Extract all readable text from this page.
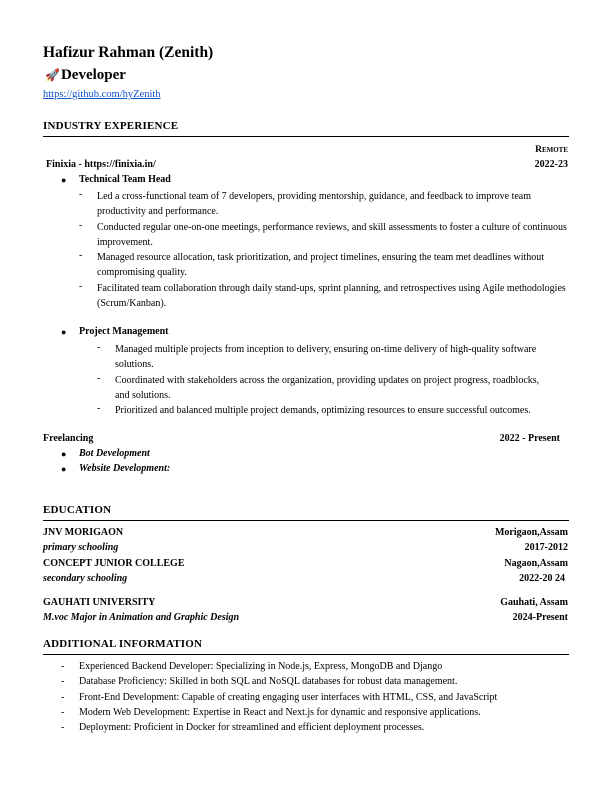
Hafizur Rahman (Zenith)
🚀Developer
https://github.com/hyZenith
INDUSTRY EXPERIENCE
Remote
Finixia - https://finixia.in/	2022-23
● Technical Team Head
- Led a cross-functional team of 7 developers, providing mentorship, guidance, and feedback to improve team productivity and performance.
- Conducted regular one-on-one meetings, performance reviews, and skill assessments to foster a culture of continuous improvement.
- Managed resource allocation, task prioritization, and project timelines, ensuring the team met deadlines without compromising quality.
- Facilitated team collaboration through daily stand-ups, sprint planning, and retrospectives using Agile methodologies (Scrum/Kanban).
● Project Management
- Managed multiple projects from inception to delivery, ensuring on-time delivery of high-quality software solutions.
- Coordinated with stakeholders across the organization, providing updates on project progress, roadblocks, and solutions.
- Prioritized and balanced multiple project demands, optimizing resources to ensure successful outcomes.
Freelancing	2022 - Present
● Bot Development
● Website Development:
EDUCATION
JNV MORIGAON	Morigaon,Assam
primary schooling	2017-2012
CONCEPT JUNIOR COLLEGE	Nagaon,Assam
secondary schooling	2022-20 24
GAUHATI UNIVERSITY	Gauhati, Assam
M.voc Major in Animation and Graphic Design	2024-Present
ADDITIONAL INFORMATION
- Experienced Backend Developer: Specializing in Node.js, Express, MongoDB and Django
- Database Proficiency: Skilled in both SQL and NoSQL databases for robust data management.
- Front-End Development: Capable of creating engaging user interfaces with HTML, CSS, and JavaScript
- Modern Web Development: Expertise in React and Next.js for dynamic and responsive applications.
- Deployment: Proficient in Docker for streamlined and efficient deployment processes.
